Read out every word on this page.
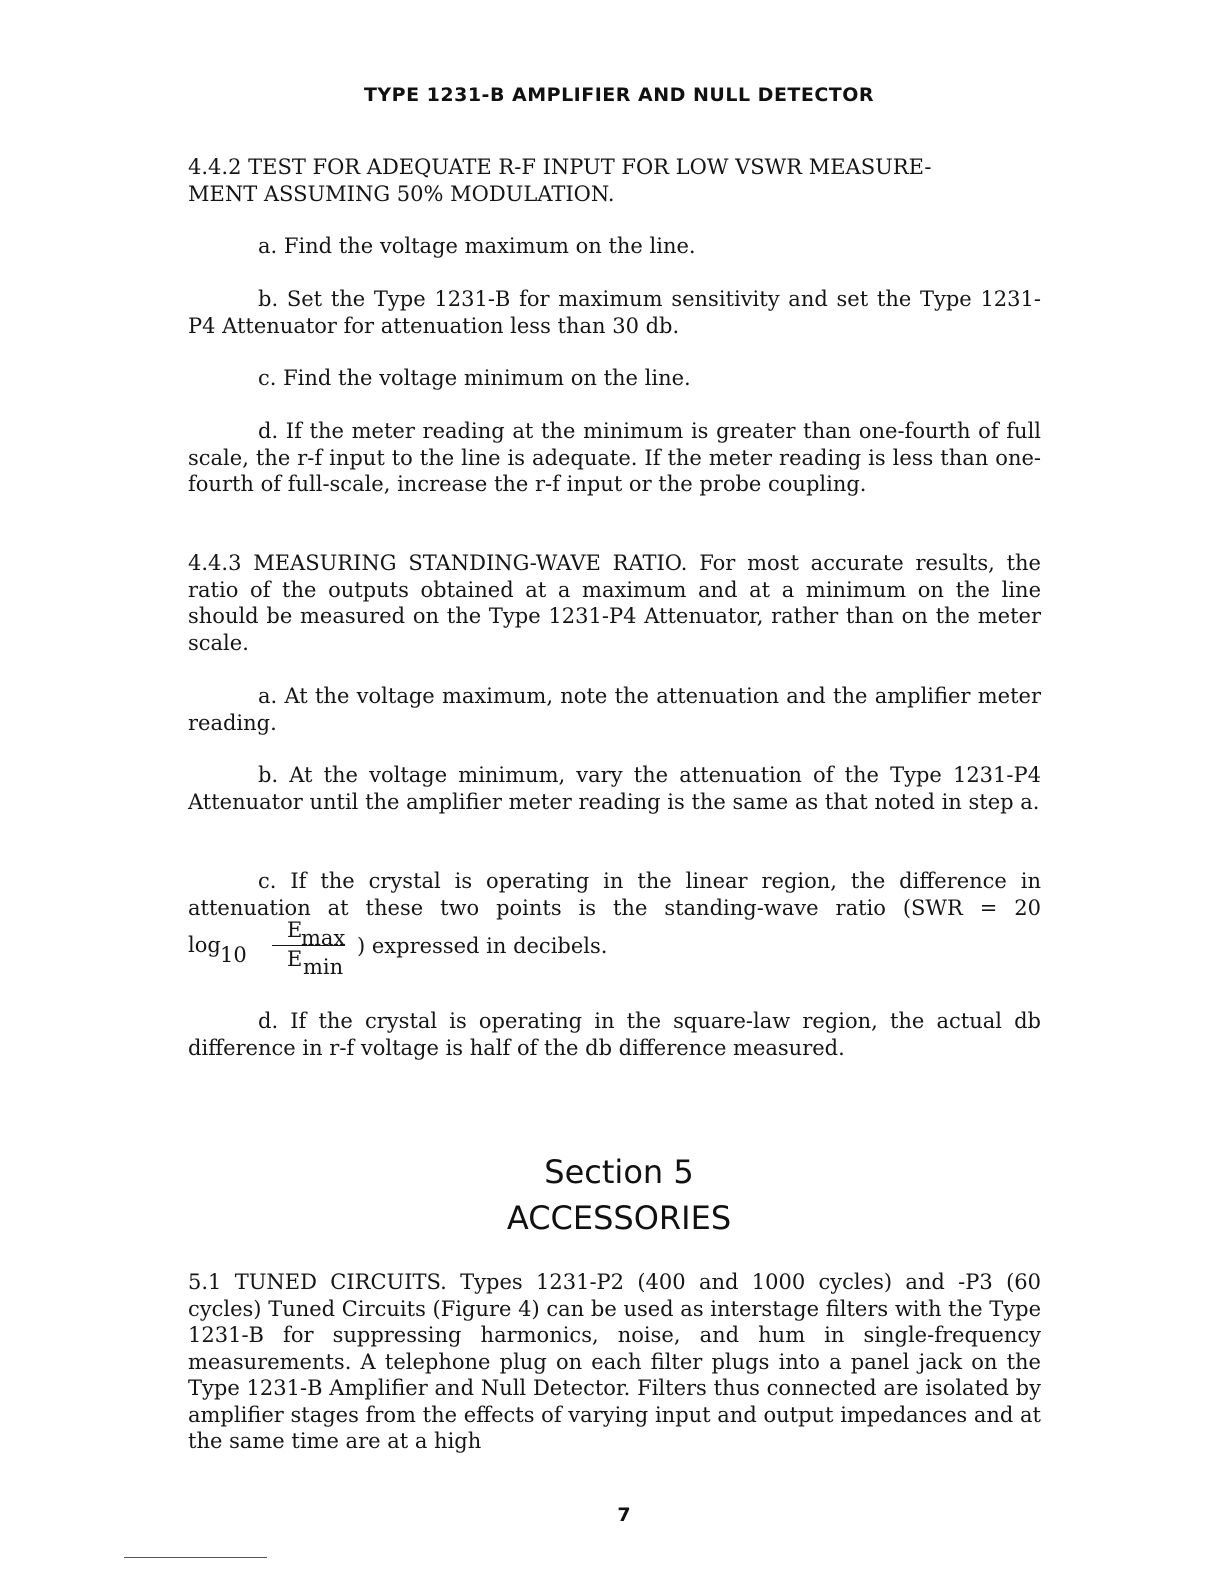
TYPE 1231-B AMPLIFIER AND NULL DETECTOR

4.4.2 TEST FOR ADEQUATE R-F INPUT FOR LOW VSWR MEASURE-
MENT ASSUMING 50% MODULATION.

a. Find the voltage maximum on the line.

b. Set the Type 1231-B for maximum sensitivity and set the Type 1231-P4 Attenuator for attenuation less than 30 db.

c. Find the voltage minimum on the line.

d. If the meter reading at the minimum is greater than one-fourth of full scale, the r-f input to the line is adequate. If the meter reading is less than one-fourth of full-scale, increase the r-f input or the probe coupling.

4.4.3 MEASURING STANDING-WAVE RATIO. For most accurate results, the ratio of the outputs obtained at a maximum and at a minimum on the line should be measured on the Type 1231-P4 Attenuator, rather than on the meter scale.

a. At the voltage maximum, note the attenuation and the amplifier meter reading.

b. At the voltage minimum, vary the attenuation of the Type 1231-P4 Attenuator until the amplifier meter reading is the same as that noted in step a.

c. If the crystal is operating in the linear region, the difference in attenuation at these two points is the standing-wave ratio (SWR = 20

log 10
E
max
E min
) expressed in decibels.

d. If the crystal is operating in the square-law region, the actual db difference in r-f voltage is half of the db difference measured.

Section 5
ACCESSORIES

5.1 TUNED CIRCUITS. Types 1231-P2 (400 and 1000 cycles) and -P3 (60 cycles) Tuned Circuits (Figure 4) can be used as interstage filters with the Type 1231-B for suppressing harmonics, noise, and hum in single-frequency measurements. A telephone plug on each filter plugs into a panel jack on the Type 1231-B Amplifier and Null Detector. Filters thus connected are isolated by amplifier stages from the effects of varying input and output impedances and at the same time are at a high

7
